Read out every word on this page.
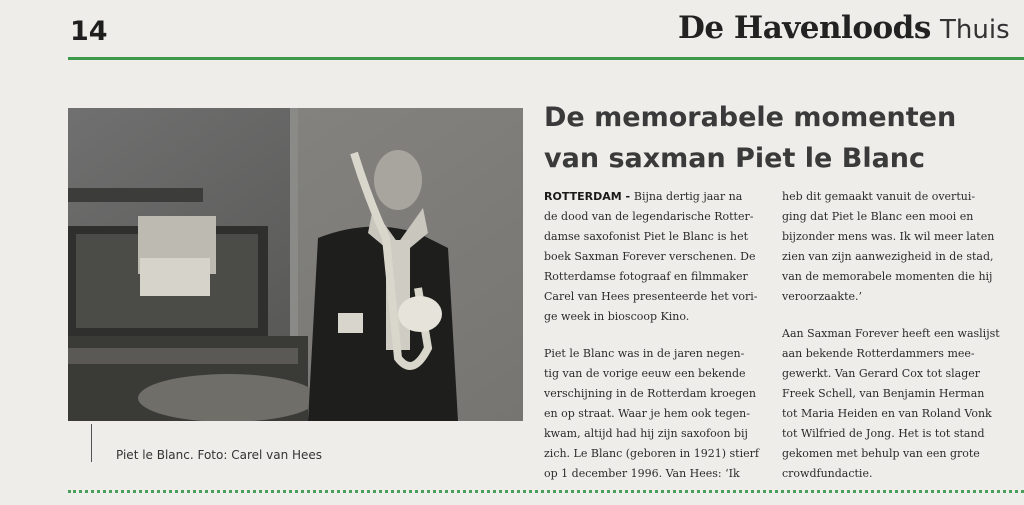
14	De Havenloods Thuis
Piet le Blanc. Foto: Carel van Hees
De memorabele momenten
van saxman Piet le Blanc
ROTTERDAM - Bijna dertig jaar na
de dood van de legendarische Rotter-
damse saxofonist Piet le Blanc is het
boek Saxman Forever verschenen. De
Rotterdamse fotograaf en filmmaker
Carel van Hees presenteerde het vori-
ge week in bioscoop Kino.
Piet le Blanc was in de jaren negen-
tig van de vorige eeuw een bekende
verschijning in de Rotterdam kroegen
en op straat. Waar je hem ook tegen-
kwam, altijd had hij zijn saxofoon bij
zich. Le Blanc (geboren in 1921) stierf
op 1 december 1996. Van Hees: ‘Ik
heb dit gemaakt vanuit de overtui-
ging dat Piet le Blanc een mooi en
bijzonder mens was. Ik wil meer laten
zien van zijn aanwezigheid in de stad,
van de memorabele momenten die hij
veroorzaakte.’
Aan Saxman Forever heeft een waslijst
aan bekende Rotterdammers mee-
gewerkt. Van Gerard Cox tot slager
Freek Schell, van Benjamin Herman
tot Maria Heiden en van Roland Vonk
tot Wilfried de Jong. Het is tot stand
gekomen met behulp van een grote
crowdfundactie.
